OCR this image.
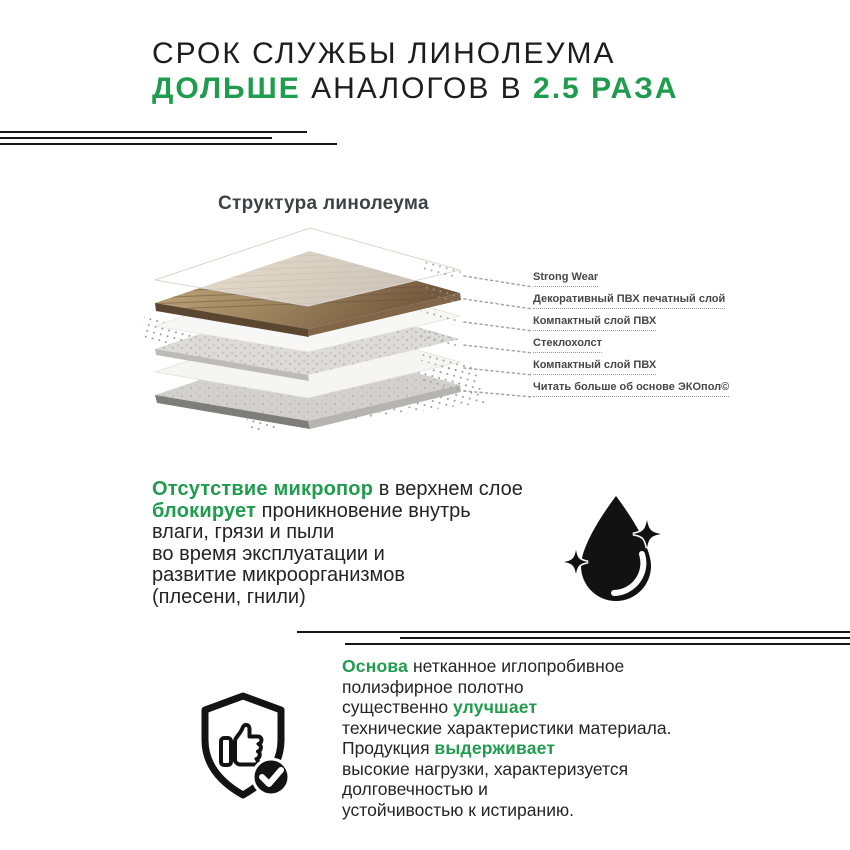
СРОК СЛУЖБЫ ЛИНОЛЕУМА
ДОЛЬШЕ АНАЛОГОВ В 2.5 РАЗА
Структура линолеума
Strong Wear
Декоративный ПВХ печатный слой
Компактный слой ПВХ
Стеклохолст
Компактный слой ПВХ
Читать больше об основе ЭКОпол©
Отсутствие микропор в верхнем слое
блокирует проникновение внутрь
влаги, грязи и пыли
во время эксплуатации и
развитие микроорганизмов
(плесени, гнили)
Основа нетканное иглопробивное
полиэфирное полотно
существенно улучшает
технические характеристики материала.
Продукция выдерживает
высокие нагрузки, характеризуется
долговечностью и
устойчивостью к истиранию.
